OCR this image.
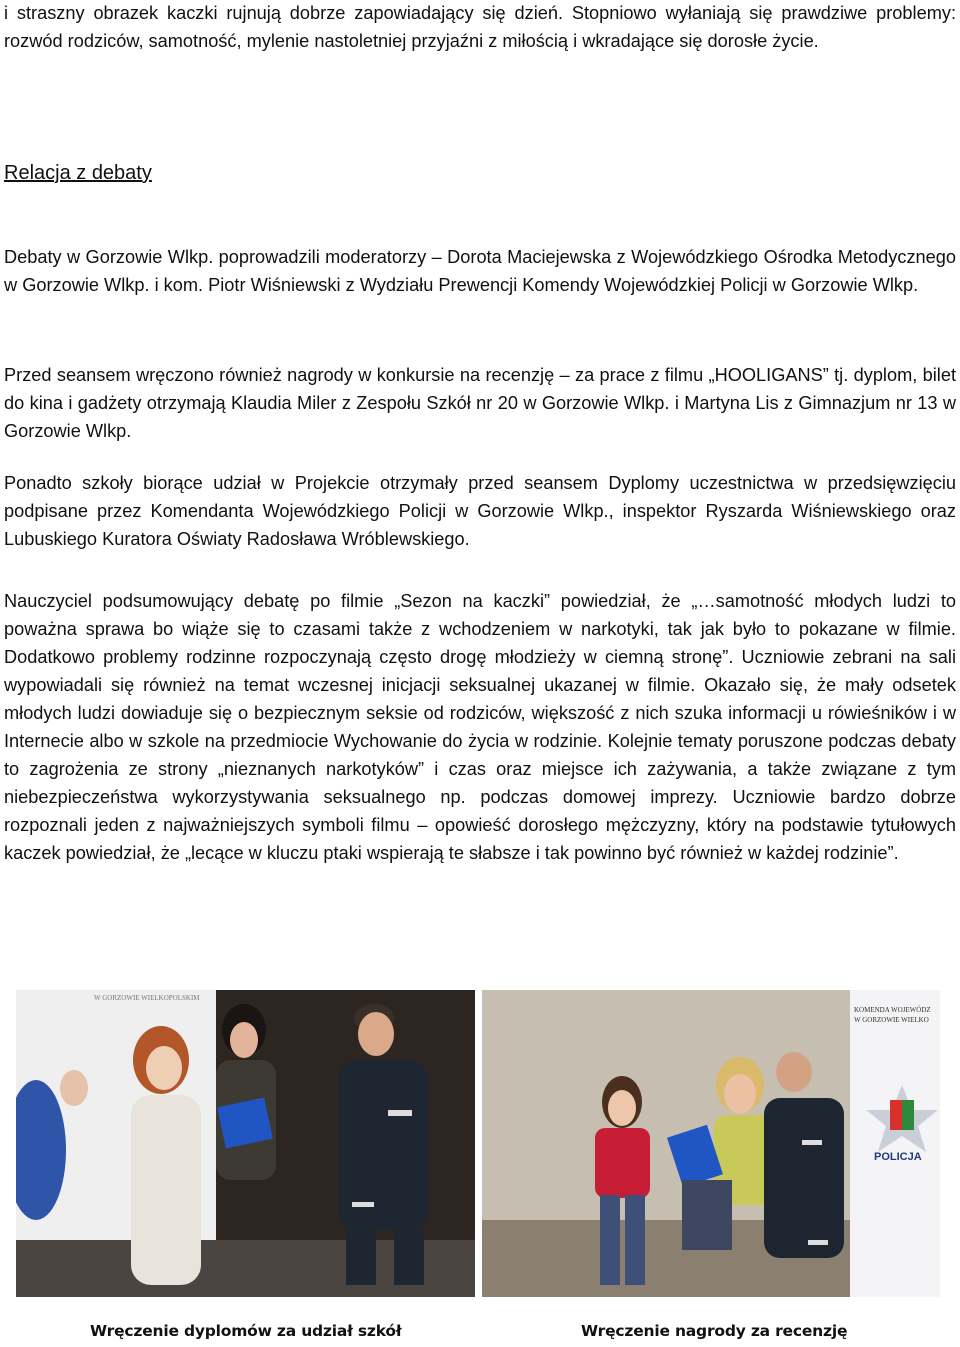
i straszny obrazek kaczki rujnują dobrze zapowiadający się dzień. Stopniowo wyłaniają się prawdziwe problemy: rozwód rodziców, samotność, mylenie nastoletniej przyjaźni z miłością i wkradające się dorosłe życie.

Relacja z debaty

Debaty w Gorzowie Wlkp. poprowadzili moderatorzy – Dorota Maciejewska z Wojewódzkiego Ośrodka Metodycznego w Gorzowie Wlkp. i kom. Piotr Wiśniewski z Wydziału Prewencji Komendy Wojewódzkiej Policji w Gorzowie Wlkp.

Przed seansem wręczono również nagrody w konkursie na recenzję – za prace z filmu „HOOLIGANS” tj. dyplom, bilet do kina i gadżety otrzymają Klaudia Miler z Zespołu Szkół nr 20 w Gorzowie Wlkp. i Martyna Lis z Gimnazjum nr 13 w Gorzowie Wlkp.

Ponadto szkoły biorące udział w Projekcie otrzymały przed seansem Dyplomy uczestnictwa w przedsięwzięciu podpisane przez Komendanta Wojewódzkiego Policji w Gorzowie Wlkp., inspektor Ryszarda Wiśniewskiego oraz Lubuskiego Kuratora Oświaty Radosława Wróblewskiego.

Nauczyciel podsumowujący debatę po filmie „Sezon na kaczki” powiedział, że „…samotność młodych ludzi to poważna sprawa bo wiąże się to czasami także z wchodzeniem w narkotyki, tak jak było to pokazane w filmie. Dodatkowo problemy rodzinne rozpoczynają często drogę młodzieży w ciemną stronę”. Uczniowie zebrani na sali wypowiadali się również na temat wczesnej inicjacji seksualnej ukazanej w filmie. Okazało się, że mały odsetek młodych ludzi dowiaduje się o bezpiecznym seksie od rodziców, większość z nich szuka informacji u rówieśników i w Internecie albo w szkole na przedmiocie Wychowanie do życia w rodzinie. Kolejnie tematy poruszone podczas debaty to zagrożenia ze strony „nieznanych narkotyków” i czas oraz miejsce ich zażywania, a także związane z tym niebezpieczeństwa wykorzystywania seksualnego np. podczas domowej imprezy. Uczniowie bardzo dobrze rozpoznali jeden z najważniejszych symboli filmu – opowieść dorosłego mężczyzny, który na podstawie tytułowych kaczek powiedział, że „lecące w kluczu ptaki wspierają te słabsze i tak powinno być również w każdej rodzinie”.

W GORZOWIE WIELKOPOLSKIM
KOMENDA WOJEWÓDZ
W GORZOWIE WIELKO
POLICJA
Wręczenie dyplomów za udział szkół	Wręczenie nagrody za recenzję
